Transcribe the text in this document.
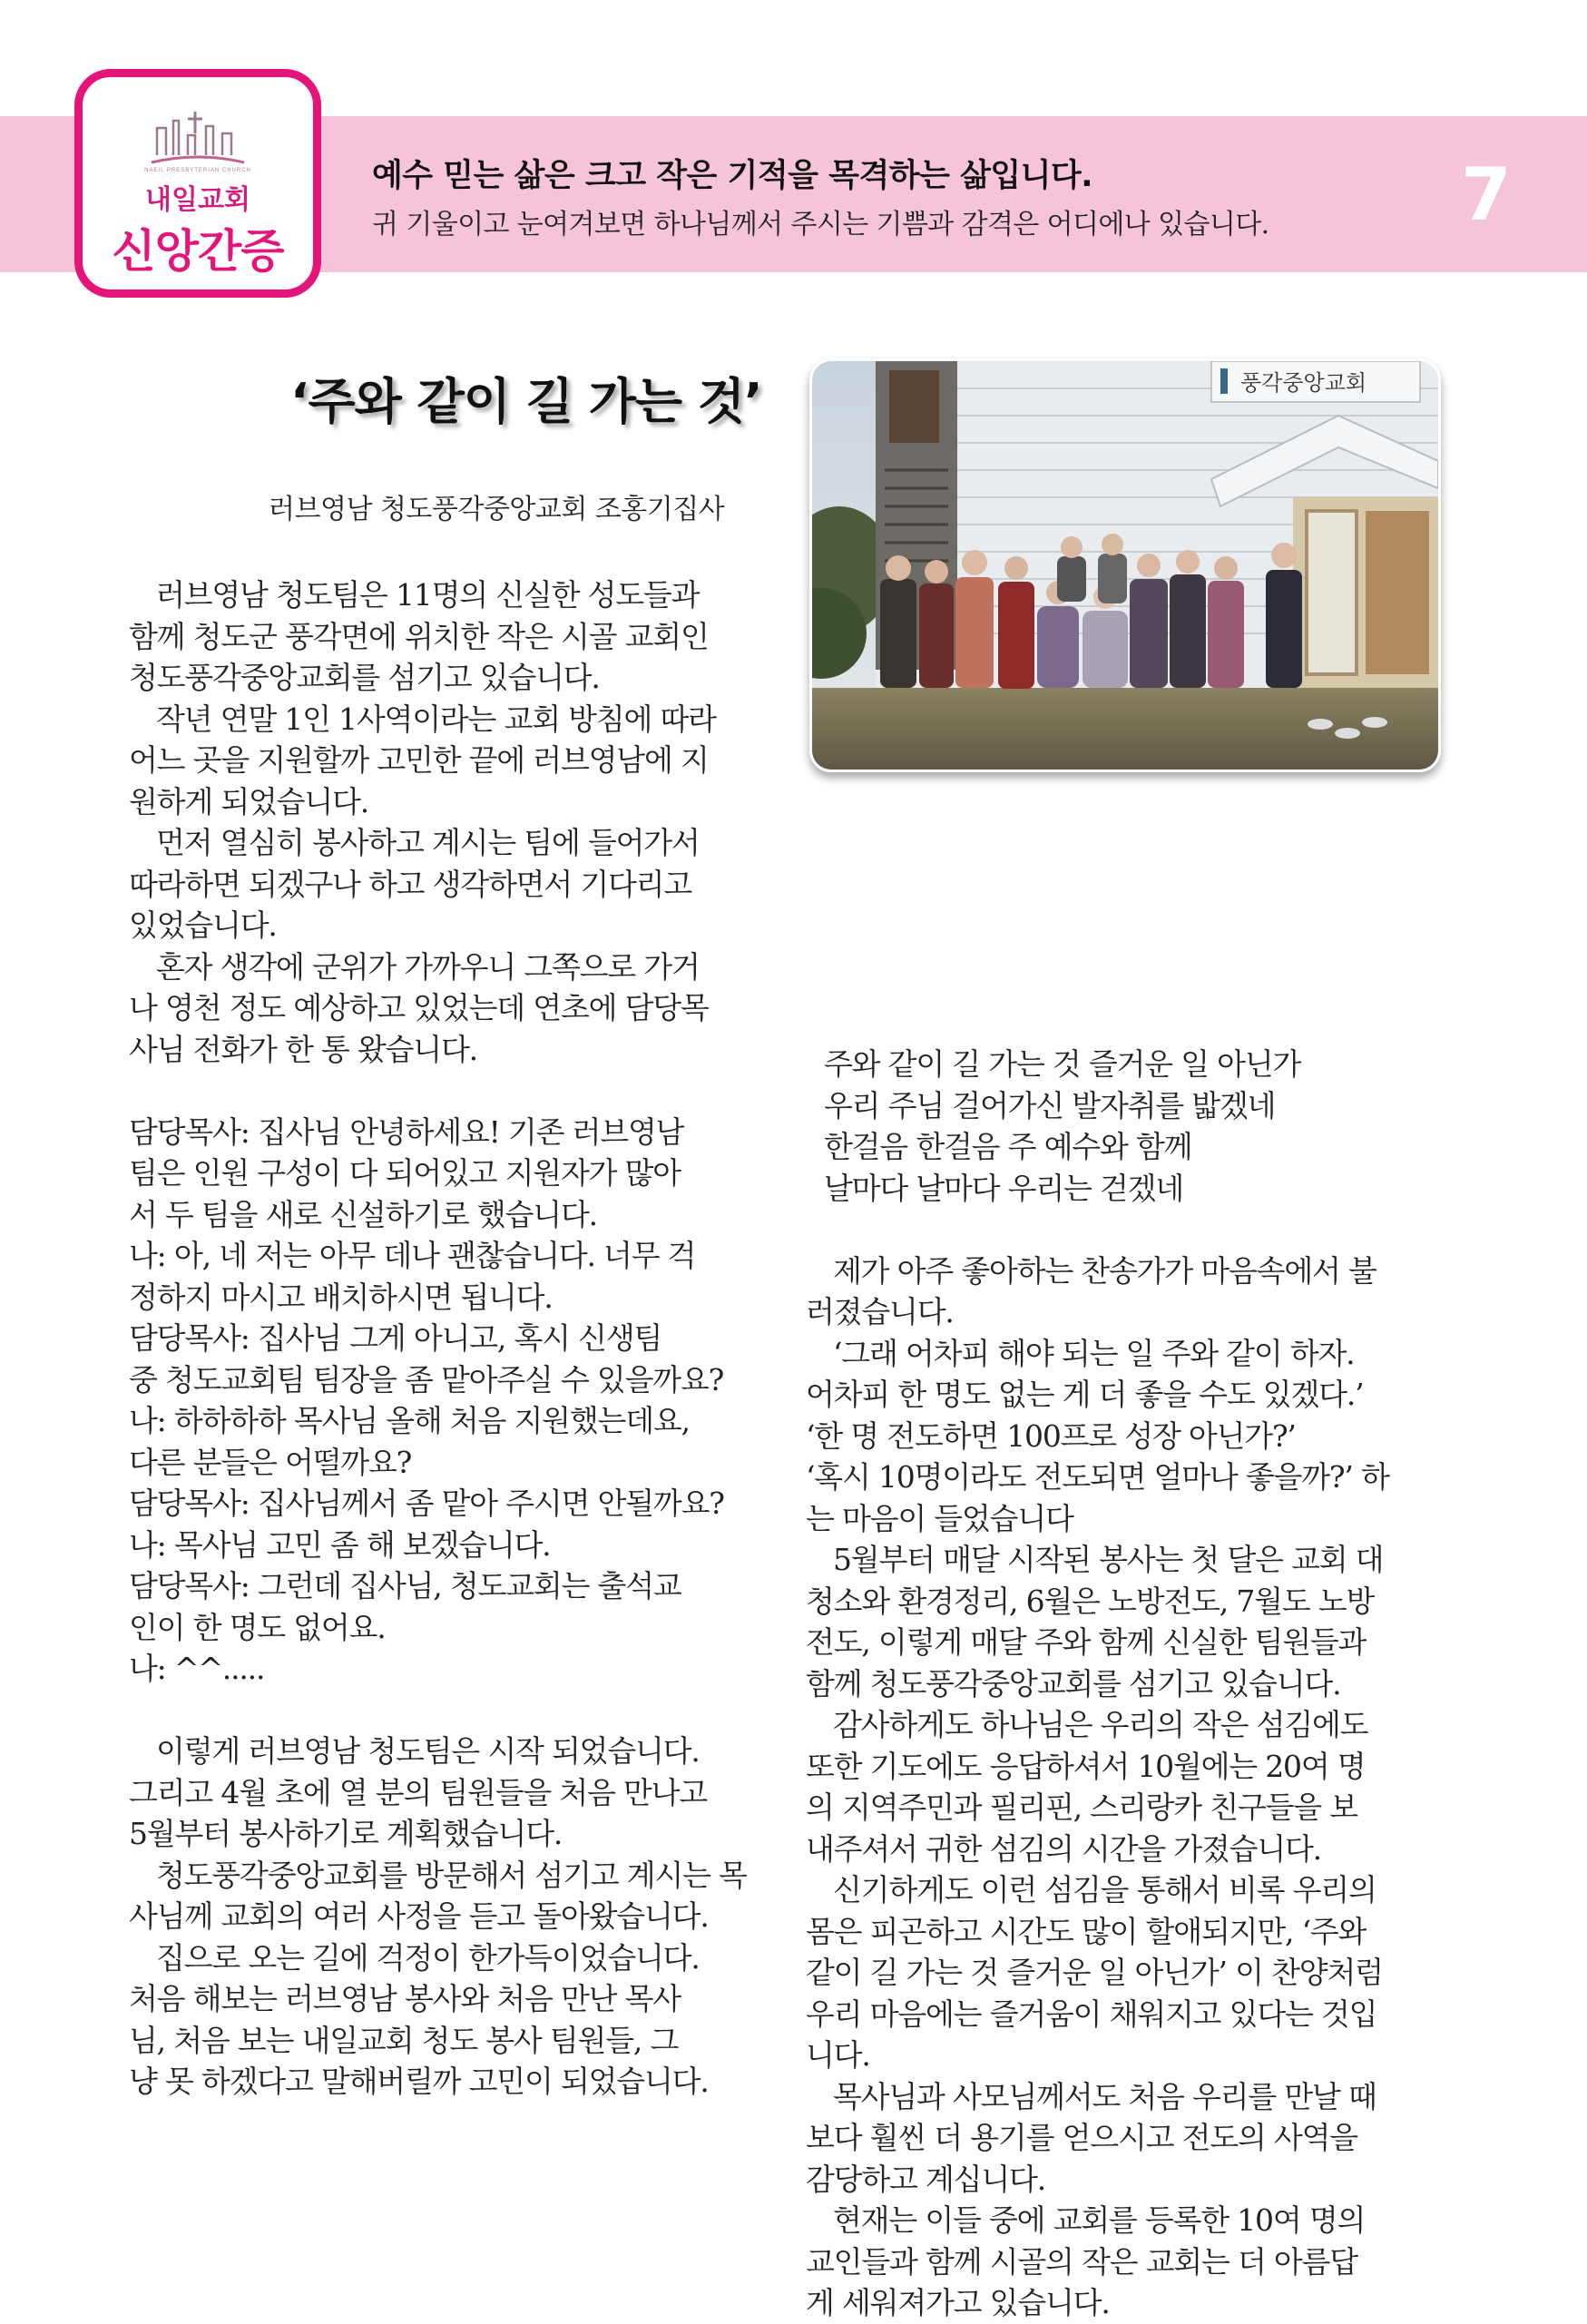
NAEIL PRESBYTERIAN CHURCH
내일교회
신앙간증
예수 믿는 삶은 크고 작은 기적을 목격하는 삶입니다.
귀 기울이고 눈여겨보면 하나님께서 주시는 기쁨과 감격은 어디에나 있습니다.	7
‘주와 같이 길 가는 것’
러브영남 청도풍각중앙교회 조홍기집사
러브영남 청도팀은 11명의 신실한 성도들과
함께 청도군 풍각면에 위치한 작은 시골 교회인
청도풍각중앙교회를 섬기고 있습니다.
작년 연말 1인 1사역이라는 교회 방침에 따라
어느 곳을 지원할까 고민한 끝에 러브영남에 지
원하게 되었습니다.
먼저 열심히 봉사하고 계시는 팀에 들어가서
따라하면 되겠구나 하고 생각하면서 기다리고
있었습니다.
혼자 생각에 군위가 가까우니 그쪽으로 가거
나 영천 정도 예상하고 있었는데 연초에 담당목
사님 전화가 한 통 왔습니다.
담당목사: 집사님 안녕하세요! 기존 러브영남
팀은 인원 구성이 다 되어있고 지원자가 많아
서 두 팀을 새로 신설하기로 했습니다.
나: 아, 네 저는 아무 데나 괜찮습니다. 너무 걱
정하지 마시고 배치하시면 됩니다.
담당목사: 집사님 그게 아니고, 혹시 신생팀
중 청도교회팀 팀장을 좀 맡아주실 수 있을까요?
나: 하하하하 목사님 올해 처음 지원했는데요,
다른 분들은 어떨까요?
담당목사: 집사님께서 좀 맡아 주시면 안될까요?
나: 목사님 고민 좀 해 보겠습니다.
담당목사: 그런데 집사님, 청도교회는 출석교
인이 한 명도 없어요.
나: ^^.....
이렇게 러브영남 청도팀은 시작 되었습니다.
그리고 4월 초에 열 분의 팀원들을 처음 만나고
5월부터 봉사하기로 계획했습니다.
청도풍각중앙교회를 방문해서 섬기고 계시는 목
사님께 교회의 여러 사정을 듣고 돌아왔습니다.
집으로 오는 길에 걱정이 한가득이었습니다.
처음 해보는 러브영남 봉사와 처음 만난 목사
님, 처음 보는 내일교회 청도 봉사 팀원들, 그
냥 못 하겠다고 말해버릴까 고민이 되었습니다.
주와 같이 길 가는 것 즐거운 일 아닌가
우리 주님 걸어가신 발자취를 밟겠네
한걸음 한걸음 주 예수와 함께
날마다 날마다 우리는 걷겠네
제가 아주 좋아하는 찬송가가 마음속에서 불
러졌습니다.
‘그래 어차피 해야 되는 일 주와 같이 하자.
어차피 한 명도 없는 게 더 좋을 수도 있겠다.’
‘한 명 전도하면 100프로 성장 아닌가?’
‘혹시 10명이라도 전도되면 얼마나 좋을까?’ 하
는 마음이 들었습니다
5월부터 매달 시작된 봉사는 첫 달은 교회 대
청소와 환경정리, 6월은 노방전도, 7월도 노방
전도, 이렇게 매달 주와 함께 신실한 팀원들과
함께 청도풍각중앙교회를 섬기고 있습니다.
감사하게도 하나님은 우리의 작은 섬김에도
또한 기도에도 응답하셔서 10월에는 20여 명
의 지역주민과 필리핀, 스리랑카 친구들을 보
내주셔서 귀한 섬김의 시간을 가졌습니다.
신기하게도 이런 섬김을 통해서 비록 우리의
몸은 피곤하고 시간도 많이 할애되지만, ‘주와
같이 길 가는 것 즐거운 일 아닌가’ 이 찬양처럼
우리 마음에는 즐거움이 채워지고 있다는 것입
니다.
목사님과 사모님께서도 처음 우리를 만날 때
보다 훨씬 더 용기를 얻으시고 전도의 사역을
감당하고 계십니다.
현재는 이들 중에 교회를 등록한 10여 명의
교인들과 함께 시골의 작은 교회는 더 아름답
게 세워져가고 있습니다.
풍각중앙교회
